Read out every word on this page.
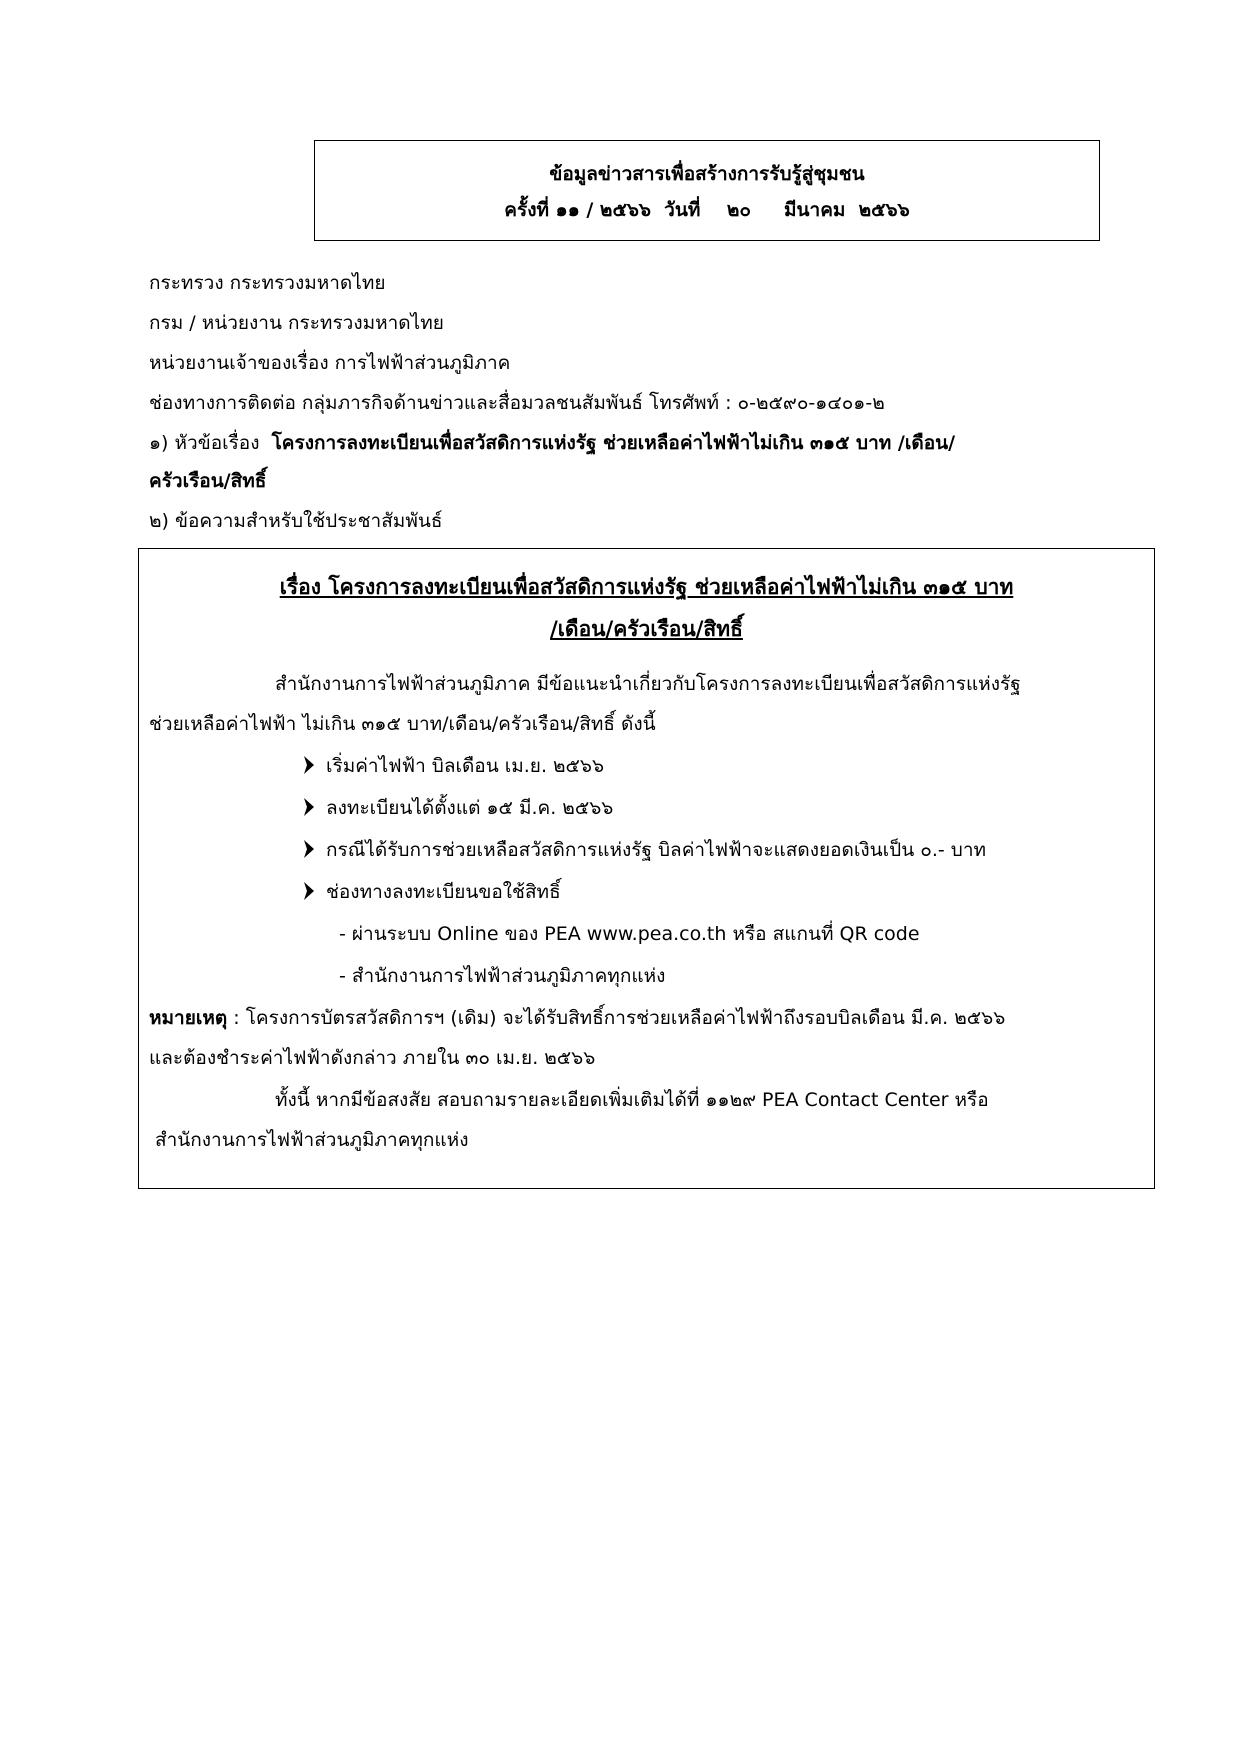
ข้อมูลข่าวสารเพื่อสร้างการรับรู้สู่ชุมชน
ครั้งที่ ๑๑ / ๒๕๖๖  วันที่    ๒๐     มีนาคม  ๒๕๖๖
กระทรวง กระทรวงมหาดไทย
กรม / หน่วยงาน กระทรวงมหาดไทย
หน่วยงานเจ้าของเรื่อง การไฟฟ้าส่วนภูมิภาค
ช่องทางการติดต่อ กลุ่มภารกิจด้านข่าวและสื่อมวลชนสัมพันธ์ โทรศัพท์ : ๐-๒๕๙๐-๑๔๐๑-๒
๑) หัวข้อเรื่อง โครงการลงทะเบียนเพื่อสวัสดิการแห่งรัฐ ช่วยเหลือค่าไฟฟ้าไม่เกิน ๓๑๕ บาท /เดือน/
ครัวเรือน/สิทธิ์
๒) ข้อความสำหรับใช้ประชาสัมพันธ์
เรื่อง โครงการลงทะเบียนเพื่อสวัสดิการแห่งรัฐ ช่วยเหลือค่าไฟฟ้าไม่เกิน ๓๑๕ บาท
/เดือน/ครัวเรือน/สิทธิ์
สำนักงานการไฟฟ้าส่วนภูมิภาค มีข้อแนะนำเกี่ยวกับโครงการลงทะเบียนเพื่อสวัสดิการแห่งรัฐ
ช่วยเหลือค่าไฟฟ้า ไม่เกิน ๓๑๕ บาท/เดือน/ครัวเรือน/สิทธิ์ ดังนี้
เริ่มค่าไฟฟ้า บิลเดือน เม.ย. ๒๕๖๖
ลงทะเบียนได้ตั้งแต่ ๑๕ มี.ค. ๒๕๖๖
กรณีได้รับการช่วยเหลือสวัสดิการแห่งรัฐ บิลค่าไฟฟ้าจะแสดงยอดเงินเป็น ๐.- บาท
ช่องทางลงทะเบียนขอใช้สิทธิ์
- ผ่านระบบ Online ของ PEA www.pea.co.th หรือ สแกนที่ QR code
- สำนักงานการไฟฟ้าส่วนภูมิภาคทุกแห่ง
หมายเหตุ : โครงการบัตรสวัสดิการฯ (เดิม) จะได้รับสิทธิ์การช่วยเหลือค่าไฟฟ้าถึงรอบบิลเดือน มี.ค. ๒๕๖๖
และต้องชำระค่าไฟฟ้าดังกล่าว ภายใน ๓๐ เม.ย. ๒๕๖๖
ทั้งนี้ หากมีข้อสงสัย สอบถามรายละเอียดเพิ่มเติมได้ที่ ๑๑๒๙ PEA Contact Center หรือ
สำนักงานการไฟฟ้าส่วนภูมิภาคทุกแห่ง
